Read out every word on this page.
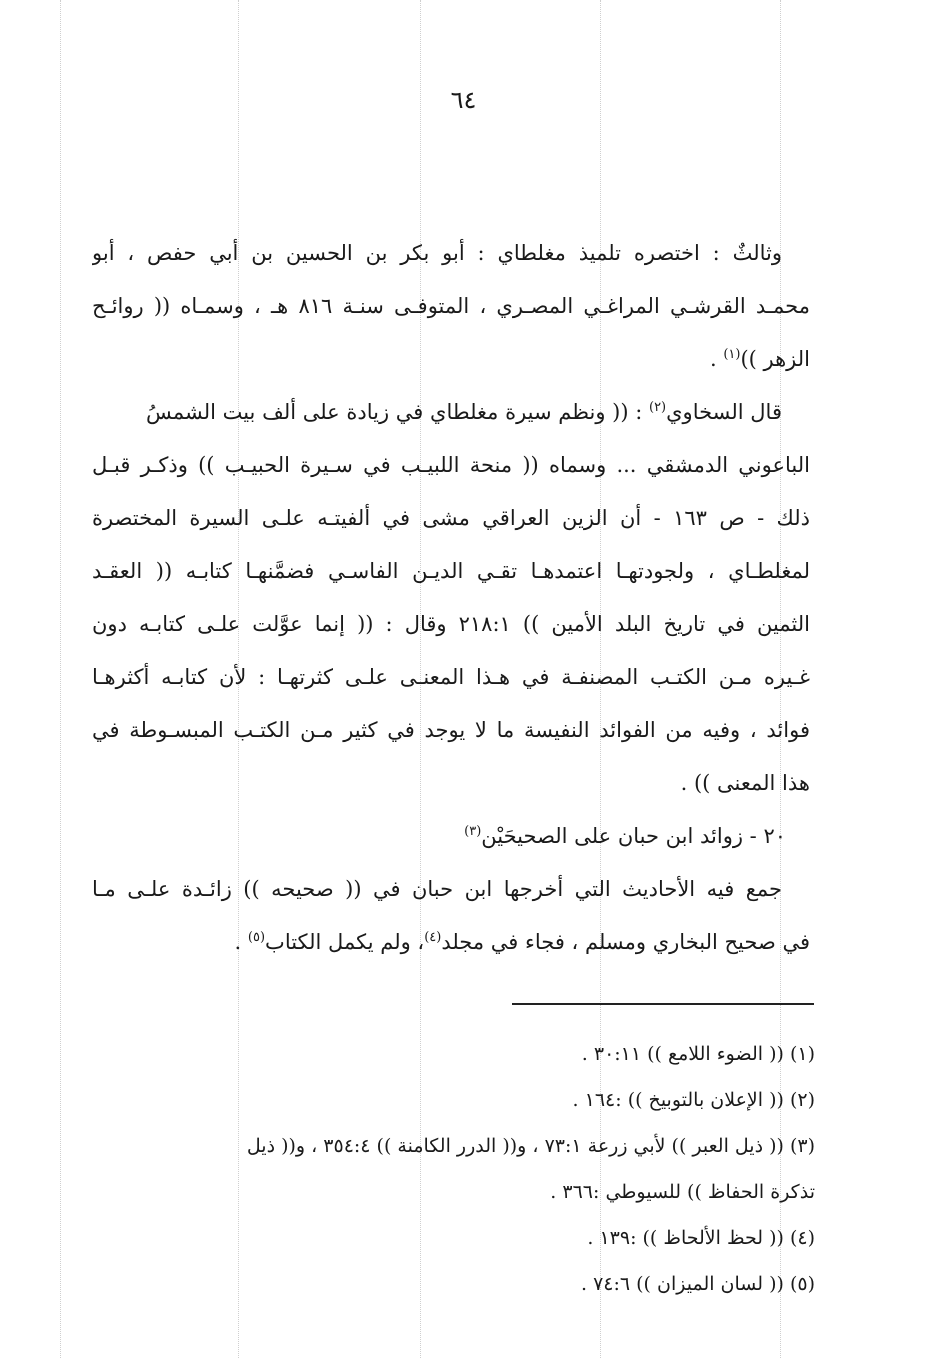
٦٤
وثالثٌ : اختصره تلميذ مغلطاي : أبو بكر بن الحسين بن أبي حفص ، أبو
محمـد القرشـي المراغـي المصـري ، المتوفـى سنـة ٨١٦ هـ ، وسمـاه (( روائـح
الزهر ))$^{(١)}$ .
قال السخاوي$^{(٢)}$ : (( ونظم سيرة مغلطاي في زيادة على ألف بيت الشمسُ
الباعوني الدمشقي ... وسماه (( منحة اللبيـب في سـيرة الحبيـب )) وذكـر قبـل
ذلك - ص ١٦٣ - أن الزين العراقي مشى في ألفيتـه علـى السيرة المختصرة
لمغلطـاي ، ولجودتهـا اعتمدهـا تقـي الديـن الفاسـي فضمَّنهـا كتابـه (( العقـد
الثمين في تاريخ البلد الأمين )) ٢١٨:١ وقال : (( إنما عوَّلت علـى كتابـه دون
غـيره مـن الكتـب المصنفـة في هـذا المعنـى علـى كثرتهـا : لأن كتابـه أكثرهـا
فوائد ، وفيه من الفوائد النفيسة ما لا يوجد في كثير مـن الكتـب المبسـوطة في
هذا المعنى )) .
٢٠ - زوائد ابن حبان على الصحيحَيْن$^{(٣)}$
جمع فيه الأحاديث التي أخرجها ابن حبان في (( صحيحه )) زائـدة علـى مـا
في صحيح البخاري ومسلم ، فجاء في مجلد$^{(٤)}$، ولم يكمل الكتاب$^{(٥)}$ .
(١) (( الضوء اللامع )) ٣٠:١١ .
(٢) (( الإعلان بالتوبيخ )) :١٦٤ .
(٣) (( ذيل العبر )) لأبي زرعة ٧٣:١ ، و(( الدرر الكامنة )) ٣٥٤:٤ ، و(( ذيل
تذكرة الحفاظ )) للسيوطي :٣٦٦ .
(٤) (( لحظ الألحاظ )) :١٣٩ .
(٥) (( لسان الميزان )) ٧٤:٦ .
